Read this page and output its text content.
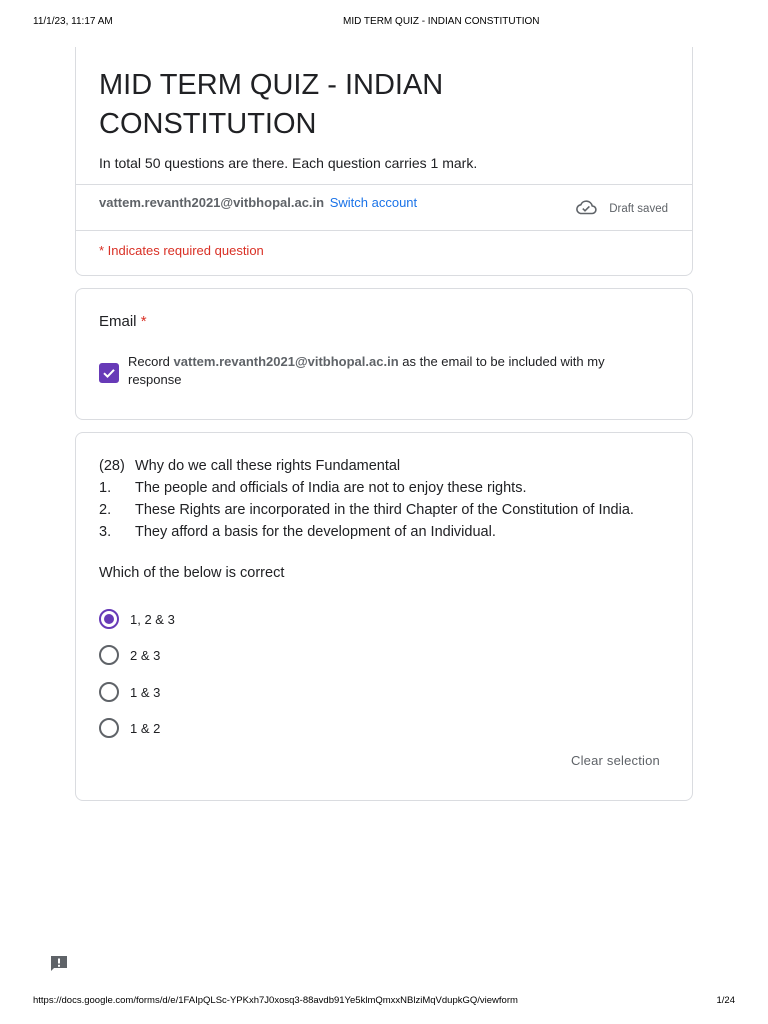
11/1/23, 11:17 AM	MID TERM QUIZ - INDIAN CONSTITUTION
MID TERM QUIZ - INDIAN CONSTITUTION
In total 50 questions are there. Each question carries 1 mark.
vattem.revanth2021@vitbhopal.ac.in Switch account	Draft saved
* Indicates required question
Email *
Record vattem.revanth2021@vitbhopal.ac.in as the email to be included with my response
(28) Why do we call these rights Fundamental
1.	The people and officials of India are not to enjoy these rights.
2.	These Rights are incorporated in the third Chapter of the Constitution of India.
3.	They afford a basis for the development of an Individual.
Which of the below is correct
1, 2 & 3
2 & 3
1 & 3
1 & 2
Clear selection
https://docs.google.com/forms/d/e/1FAIpQLSc-YPKxh7J0xosq3-88avdb91Ye5klmQmxxNBlziMqVdupkGQ/viewform	1/24
